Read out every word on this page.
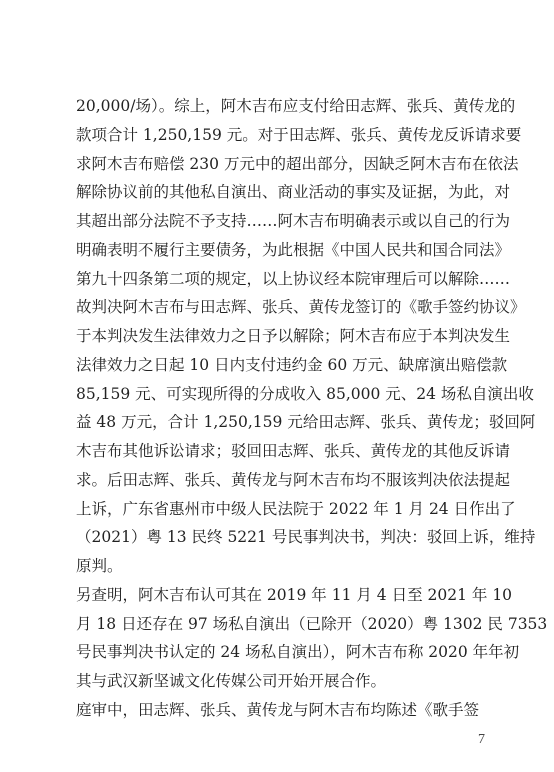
20,000/场）。综上，阿木吉布应支付给田志辉、张兵、黄传龙的
款项合计 1,250,159 元。对于田志辉、张兵、黄传龙反诉请求要
求阿木吉布赔偿 230 万元中的超出部分，因缺乏阿木吉布在依法
解除协议前的其他私自演出、商业活动的事实及证据，为此，对
其超出部分法院不予支持……阿木吉布明确表示或以自己的行为
明确表明不履行主要债务，为此根据《中国人民共和国合同法》
第九十四条第二项的规定，以上协议经本院审理后可以解除……
故判决阿木吉布与田志辉、张兵、黄传龙签订的《歌手签约协议》
于本判决发生法律效力之日予以解除；阿木吉布应于本判决发生
法律效力之日起 10 日内支付违约金 60 万元、缺席演出赔偿款
85,159 元、可实现所得的分成收入 85,000 元、24 场私自演出收
益 48 万元，合计 1,250,159 元给田志辉、张兵、黄传龙；驳回阿
木吉布其他诉讼请求；驳回田志辉、张兵、黄传龙的其他反诉请
求。后田志辉、张兵、黄传龙与阿木吉布均不服该判决依法提起
上诉，广东省惠州市中级人民法院于 2022 年 1 月 24 日作出了
（2021）粤 13 民终 5221 号民事判决书，判决：驳回上诉，维持
原判。
另查明，阿木吉布认可其在 2019 年 11 月 4 日至 2021 年 10
月 18 日还存在 97 场私自演出（已除开（2020）粤 1302 民 7353
号民事判决书认定的 24 场私自演出），阿木吉布称 2020 年年初
其与武汉新坚诚文化传媒公司开始开展合作。
庭审中，田志辉、张兵、黄传龙与阿木吉布均陈述《歌手签
7
